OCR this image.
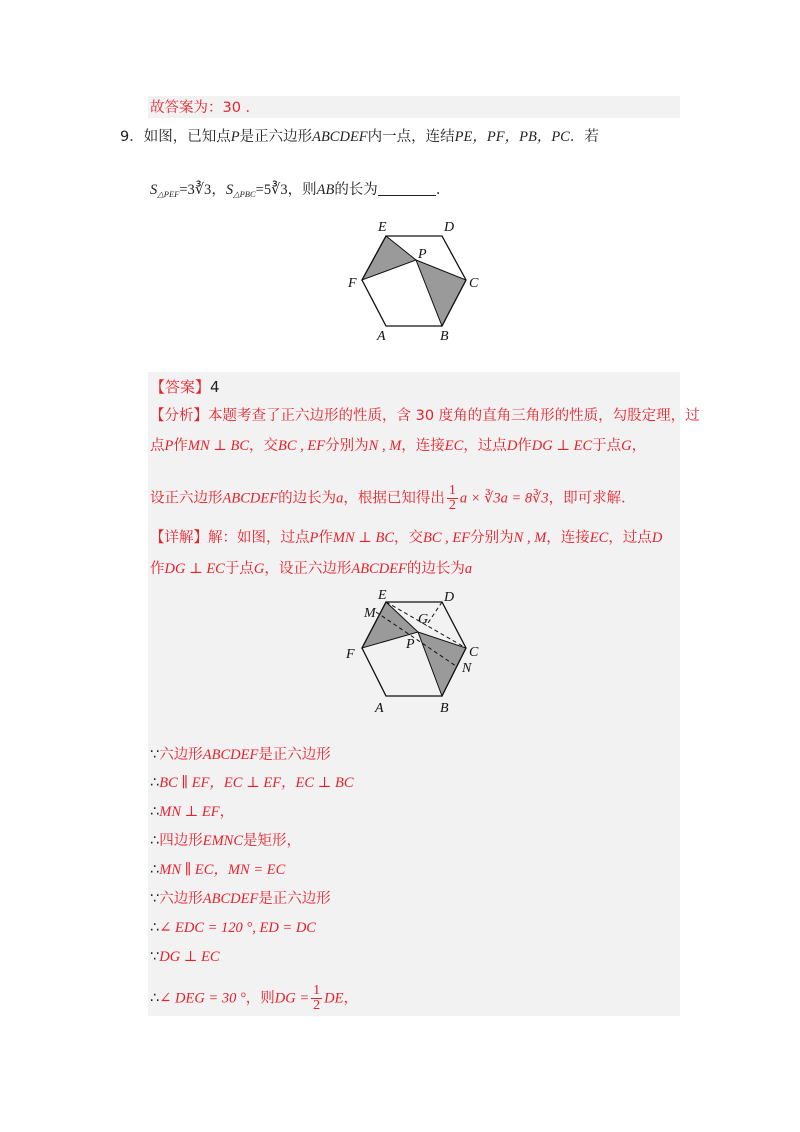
故答案为：30 ．
9．如图，已知点P是正六边形ABCDEF内一点，连结PE，PF，PB，PC．若
$S_{\triangle PEF}=3∛3$，$S_{\triangle PBC}=5∛3$，则AB的长为	．
E	D
P
F	C
A	B
【答案】4
【分析】本题考查了正六边形的性质，含 30 度角的直角三角形的性质，勾股定理，过
点P作MN ⊥ BC，交BC , EF分别为N , M，连接EC，过点D作DG ⊥ EC于点G，
设正六边形ABCDEF的边长为a，根据已知得出 $\frac{1}{2}$ a × ∛3a = 8∛3，即可求解．
【详解】解：如图，过点P作MN ⊥ BC，交BC , EF分别为N , M，连接EC，过点D
作DG ⊥ EC于点G，设正六边形ABCDEF的边长为a
E	D
M	G
P
F	C
N
A	B
∵六边形ABCDEF是正六边形
∴BC ∥ EF，EC ⊥ EF，EC ⊥ BC
∴MN ⊥ EF，
∴四边形EMNC是矩形，
∴MN ∥ EC，MN = EC
∵六边形ABCDEF是正六边形
∴∠ EDC = 120 °, ED = DC
∵DG ⊥ EC
∴∠ DEG = 30 °，则DG = $\frac{1}{2}$ DE，
